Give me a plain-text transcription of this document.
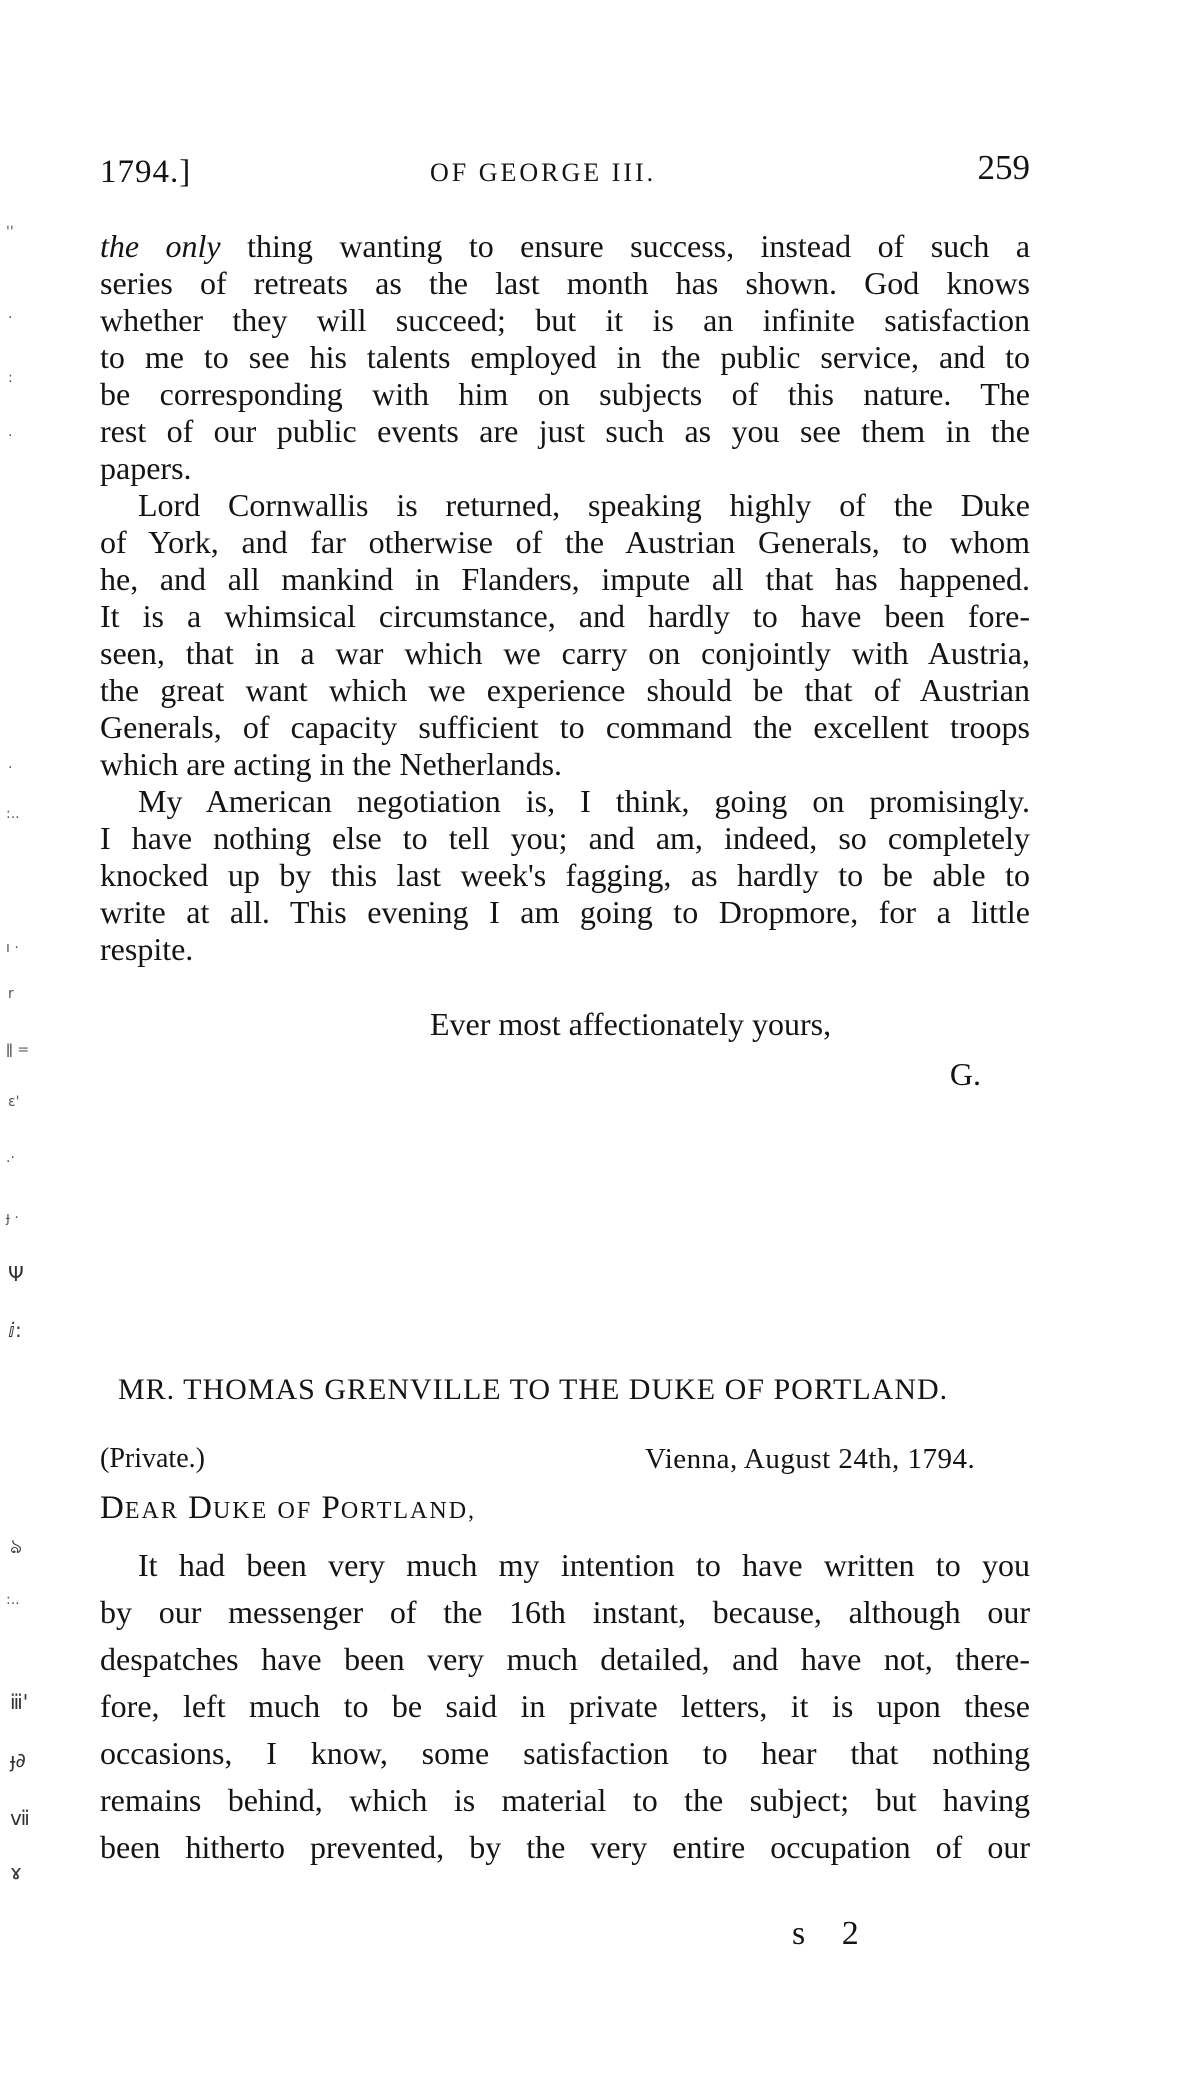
1794.]	OF GEORGE III.	259
the only thing wanting to ensure success, instead of such a
series of retreats as the last month has shown. God knows
whether they will succeed; but it is an infinite satisfaction
to me to see his talents employed in the public service, and to
be corresponding with him on subjects of this nature. The
rest of our public events are just such as you see them in the
papers.
Lord Cornwallis is returned, speaking highly of the Duke
of York, and far otherwise of the Austrian Generals, to whom
he, and all mankind in Flanders, impute all that has happened.
It is a whimsical circumstance, and hardly to have been fore-
seen, that in a war which we carry on conjointly with Austria,
the great want which we experience should be that of Austrian
Generals, of capacity sufficient to command the excellent troops
which are acting in the Netherlands.
My American negotiation is, I think, going on promisingly.
I have nothing else to tell you; and am, indeed, so completely
knocked up by this last week's fagging, as hardly to be able to
write at all. This evening I am going to Dropmore, for a little
respite.
Ever most affectionately yours,
G.
MR. THOMAS GRENVILLE TO THE DUKE OF PORTLAND.
(Private.)	Vienna, August 24th, 1794.
DEAR DUKE OF PORTLAND,
It had been very much my intention to have written to you
by our messenger of the 16th instant, because, although our
despatches have been very much detailed, and have not, there-
fore, left much to be said in private letters, it is upon these
occasions, I know, some satisfaction to hear that nothing
remains behind, which is material to the subject; but having
been hitherto prevented, by the very entire occupation of our
s 2
''
·
:
·
·
:..
ı ·
r
ǁ =
ɛ'
.·
ɟ ·
Ψ
ⅈ:
ঌ
:..
ⅲ'
ɟ∂
ⅶ
ɤ
